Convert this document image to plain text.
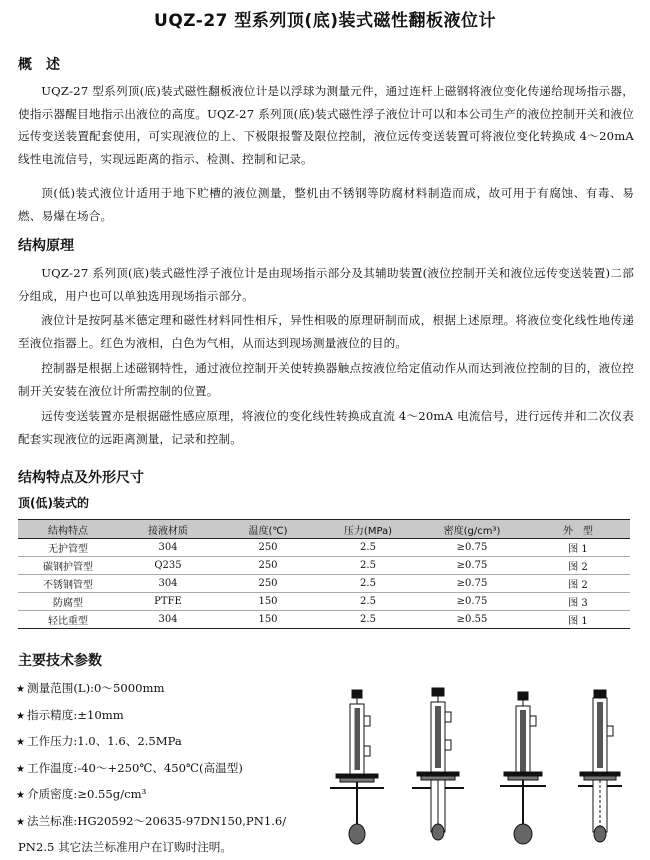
UQZ-27 型系列顶(底)装式磁性翻板液位计
概　述

UQZ-27 型系列顶(底)装式磁性翻板液位计是以浮球为测量元件，通过连杆上磁钢将液位变化传递给现场指示器，使指示器醒目地指示出液位的高度。UQZ-27 系列顶(底)装式磁性浮子液位计可以和本公司生产的液位控制开关和液位远传变送装置配套使用，可实现液位的上、下极限报警及限位控制，液位远传变送装置可将液位变化转换成 4～20mA 线性电流信号，实现远距离的指示、检测、控制和记录。

顶(低)装式液位计适用于地下贮槽的液位测量，整机由不锈钢等防腐材料制造而成，故可用于有腐蚀、有毒、易燃、易爆在场合。

结构原理

UQZ-27 系列顶(底)装式磁性浮子液位计是由现场指示部分及其辅助装置(液位控制开关和液位远传变送装置)二部分组成，用户也可以单独选用现场指示部分。

液位计是按阿基米德定理和磁性材料同性相斥，异性相吸的原理研制而成，根据上述原理。将液位变化线性地传递至液位指器上。红色为液相，白色为气相，从而达到现场测量液位的目的。

控制器是根据上述磁钢特性，通过液位控制开关使转换器触点按液位给定值动作从而达到液位控制的目的，液位控制开关安装在液位计所需控制的位置。

远传变送装置亦是根据磁性感应原理，将液位的变化线性转换成直流 4～20mA 电流信号，进行远传并和二次仪表配套实现液位的远距离测量，记录和控制。

结构特点及外形尺寸
顶(低)装式的
结构特点	接液材质	温度(℃)	压力(MPa)	密度(g/cm³)	外　型
无护管型	304	250	2.5	≥0.75	图 1
碳钢护管型	Q235	250	2.5	≥0.75	图 2
不锈钢管型	304	250	2.5	≥0.75	图 2
防腐型	PTFE	150	2.5	≥0.75	图 3
轻比重型	304	150	2.5	≥0.55	图 1
主要技术参数
★ 测量范围(L):0～5000mm
★ 指示精度:±10mm
★ 工作压力:1.0、1.6、2.5MPa
★ 工作温度:-40～+250℃、450℃(高温型)
★ 介质密度:≥0.55g/cm³
★ 法兰标准:HG20592～20635-97DN150,PN1.6/
PN2.5 其它法兰标准用户在订购时注明。
